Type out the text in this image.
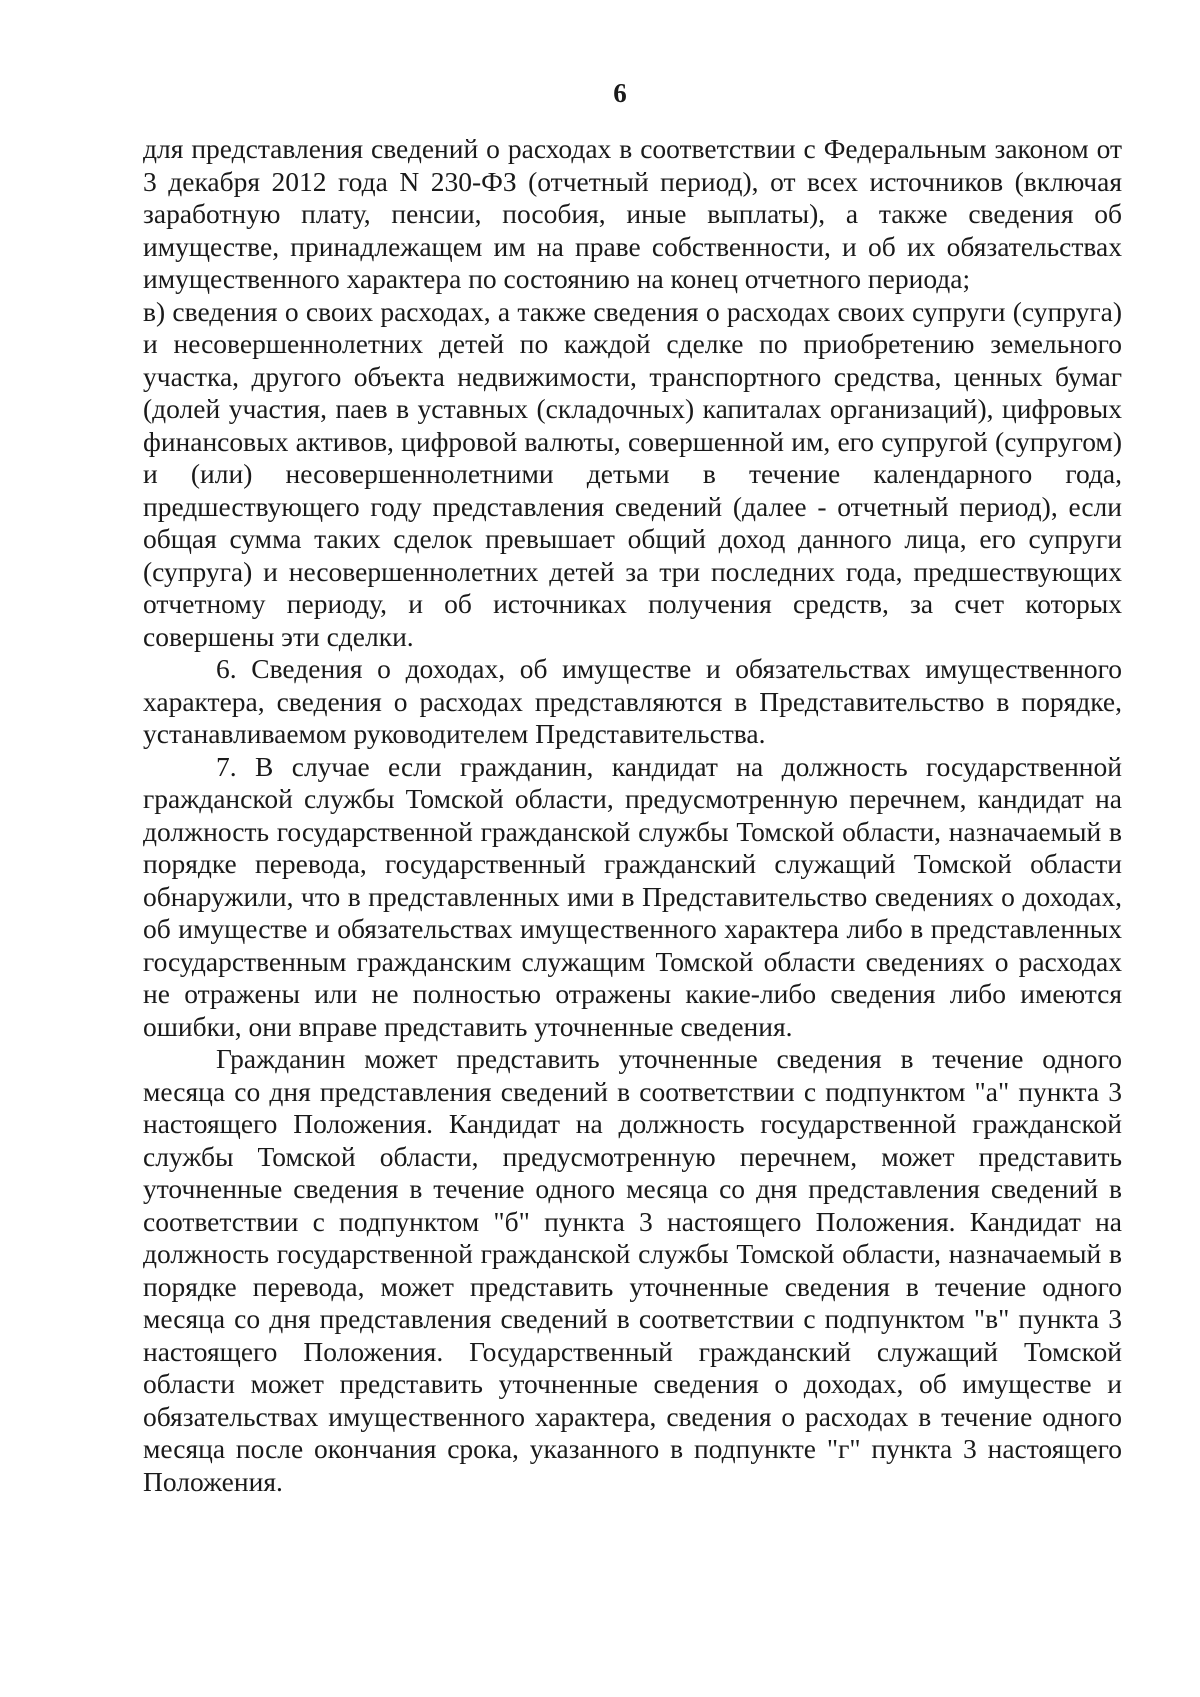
6

для представления сведений о расходах в соответствии с Федеральным законом от 3 декабря 2012 года N 230-ФЗ (отчетный период), от всех источников (включая заработную плату, пенсии, пособия, иные выплаты), а также сведения об имуществе, принадлежащем им на праве собственности, и об их обязательствах имущественного характера по состоянию на конец отчетного периода;

в) сведения о своих расходах, а также сведения о расходах своих супруги (супруга) и несовершеннолетних детей по каждой сделке по приобретению земельного участка, другого объекта недвижимости, транспортного средства, ценных бумаг (долей участия, паев в уставных (складочных) капиталах организаций), цифровых финансовых активов, цифровой валюты, совершенной им, его супругой (супругом) и (или) несовершеннолетними детьми в течение календарного года, предшествующего году представления сведений (далее - отчетный период), если общая сумма таких сделок превышает общий доход данного лица, его супруги (супруга) и несовершеннолетних детей за три последних года, предшествующих отчетному периоду, и об источниках получения средств, за счет которых совершены эти сделки.

6. Сведения о доходах, об имуществе и обязательствах имущественного характера, сведения о расходах представляются в Представительство в порядке, устанавливаемом руководителем Представительства.

7. В случае если гражданин, кандидат на должность государственной гражданской службы Томской области, предусмотренную перечнем, кандидат на должность государственной гражданской службы Томской области, назначаемый в порядке перевода, государственный гражданский служащий Томской области обнаружили, что в представленных ими в Представительство сведениях о доходах, об имуществе и обязательствах имущественного характера либо в представленных государственным гражданским служащим Томской области сведениях о расходах не отражены или не полностью отражены какие-либо сведения либо имеются ошибки, они вправе представить уточненные сведения.

Гражданин может представить уточненные сведения в течение одного месяца со дня представления сведений в соответствии с подпунктом "а" пункта 3 настоящего Положения. Кандидат на должность государственной гражданской службы Томской области, предусмотренную перечнем, может представить уточненные сведения в течение одного месяца со дня представления сведений в соответствии с подпунктом "б" пункта 3 настоящего Положения. Кандидат на должность государственной гражданской службы Томской области, назначаемый в порядке перевода, может представить уточненные сведения в течение одного месяца со дня представления сведений в соответствии с подпунктом "в" пункта 3 настоящего Положения. Государственный гражданский служащий Томской области может представить уточненные сведения о доходах, об имуществе и обязательствах имущественного характера, сведения о расходах в течение одного месяца после окончания срока, указанного в подпункте "г" пункта 3 настоящего Положения.
